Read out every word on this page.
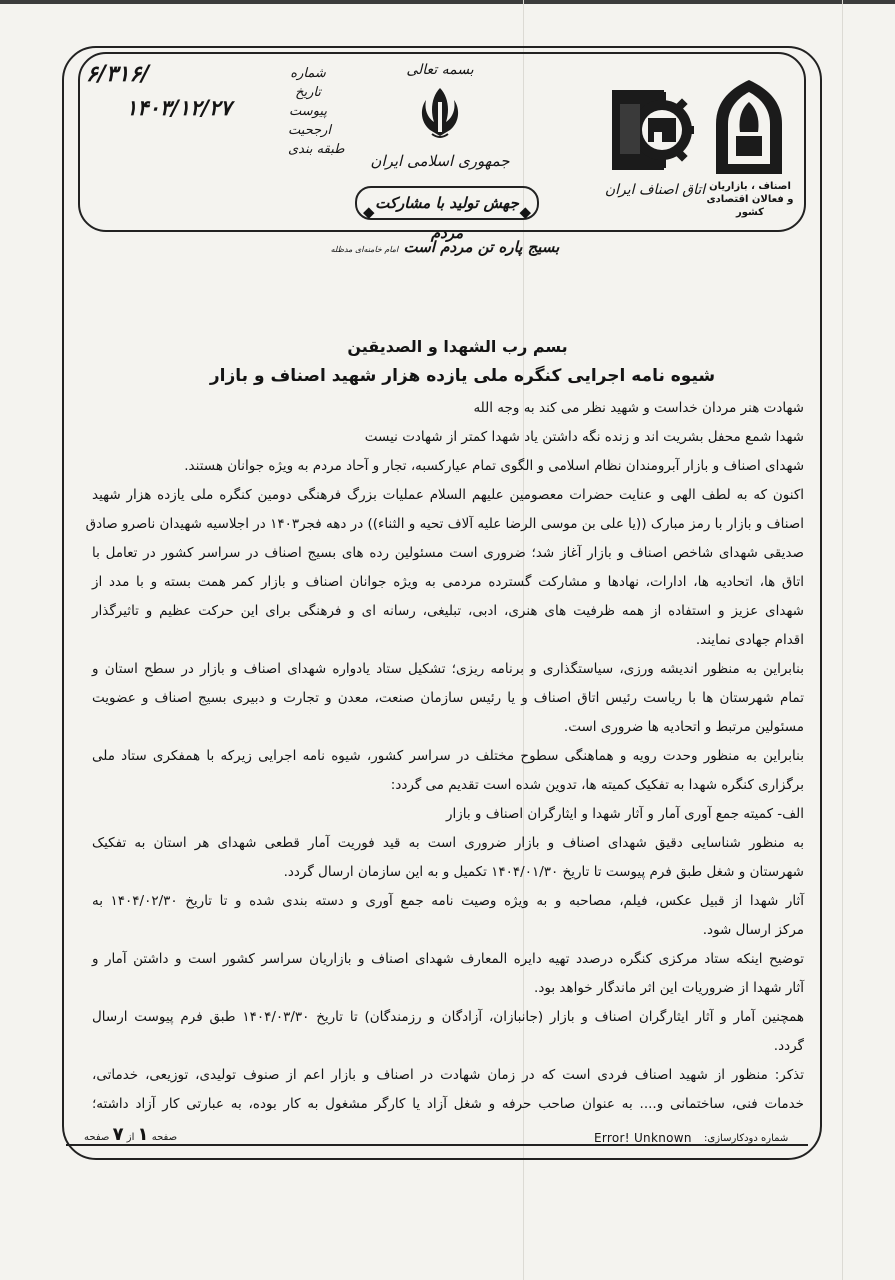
۶/۳۱۶/
۱۴۰۳/۱۲/۲۷
شماره
تاریخ
پیوست
ارجحیت
طبقه بندی
بسمه تعالی
جمهوری اسلامی ایران
◆ جهش تولید با مشارکت مردم
◆
اتاق اصناف ایران اصناف ، بازاریان
و فعالان اقتصادی
کشور
بسیج پاره تن مردم است امام خامنه‌ای مدظله
بسم رب الشهدا و الصدیقین
شیوه نامه اجرایی کنگره ملی یازده هزار شهید اصناف و بازار

شهادت هنر مردان خداست و شهید نظر می کند به وجه الله

شهدا شمع محفل بشریت اند و زنده نگه داشتن یاد شهدا کمتر از شهادت نیست

شهدای اصناف و بازار آبرومندان نظام اسلامی و الگوی تمام عیارکسبه، تجار و آحاد مردم به ویژه جوانان هستند.

اکنون که به لطف الهی و عنایت حضرات معصومین علیهم السلام عملیات بزرگ فرهنگی دومین کنگره ملی یازده هزار شهید

اصناف و بازار با رمز مبارک ((یا علی بن موسی الرضا علیه آلاف تحیه و الثناء)) در دهه فجر۱۴۰۳ در اجلاسیه شهیدان ناصرو صادق

صدیقی شهدای شاخص اصناف و بازار آغاز شد؛ ضروری است مسئولین رده های بسیج اصناف در سراسر کشور در تعامل با

اتاق ها، اتحادیه ها، ادارات، نهادها و مشارکت گسترده مردمی به ویژه جوانان اصناف و بازار کمر همت بسته و با مدد از

شهدای عزیز و استفاده از همه ظرفیت های هنری، ادبی، تبلیغی، رسانه ای و فرهنگی برای این حرکت عظیم و تاثیرگذار

اقدام جهادی نمایند.

بنابراین به منظور اندیشه ورزی، سیاستگذاری و برنامه ریزی؛ تشکیل ستاد یادواره شهدای اصناف و بازار در سطح استان و

تمام شهرستان ها با ریاست رئیس اتاق اصناف و یا رئیس سازمان صنعت، معدن و تجارت و دبیری بسیج اصناف و عضویت

مسئولین مرتبط و اتحادیه ها ضروری است.

بنابراین به منظور وحدت رویه و هماهنگی سطوح مختلف در سراسر کشور، شیوه نامه اجرایی زیرکه با همفکری ستاد ملی

برگزاری کنگره شهدا به تفکیک کمیته ها، تدوین شده است تقدیم می گردد:

الف- کمیته جمع آوری آمار و آثار شهدا و ایثارگران اصناف و بازار

به منظور شناسایی دقیق شهدای اصناف و بازار ضروری است به قید فوریت آمار قطعی شهدای هر استان به تفکیک

شهرستان و شغل طبق فرم پیوست تا تاریخ ۱۴۰۴/۰۱/۳۰ تکمیل و به این سازمان ارسال گردد.

آثار شهدا از قبیل عکس، فیلم، مصاحبه و به ویژه وصیت نامه جمع آوری و دسته بندی شده و تا تاریخ ۱۴۰۴/۰۲/۳۰ به

مرکز ارسال شود.

توضیح اینکه ستاد مرکزی کنگره درصدد تهیه دایره المعارف شهدای اصناف و بازاریان سراسر کشور است و داشتن آمار و

آثار شهدا از ضروریات این اثر ماندگار خواهد بود.

همچنین آمار و آثار ایثارگران اصناف و بازار (جانبازان، آزادگان و رزمندگان) تا تاریخ ۱۴۰۴/۰۳/۳۰ طبق فرم پیوست ارسال

گردد.

تذکر: منظور از شهید اصناف فردی است که در زمان شهادت در اصناف و بازار اعم از صنوف تولیدی، توزیعی، خدماتی،

خدمات فنی، ساختمانی و.... به عنوان صاحب حرفه و شغل آزاد یا کارگر مشغول به کار بوده، به عبارتی کار آزاد داشته؛

صفحه ۱ از ۷ صفحه	Error! Unknown شماره دودکارسازی:
